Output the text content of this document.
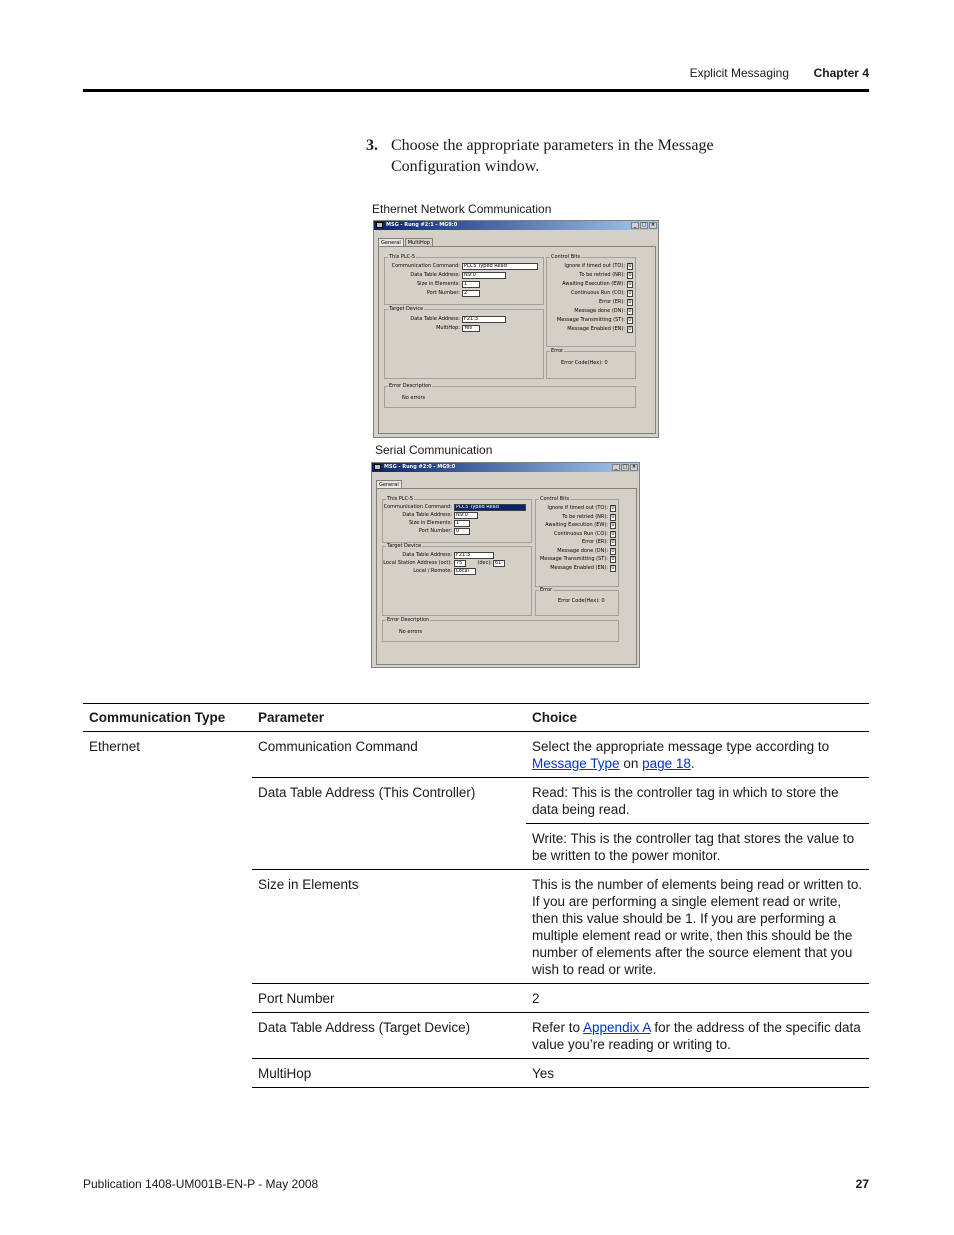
Explicit Messaging Chapter 4
3. Choose the appropriate parameters in the Message Configuration window.
Ethernet Network Communication
MSG - Rung #2:1 - MG9:0	_	□ ×
General	MultiHop
This PLC-5
Communication Command: PLC5 Typed Read
Data Table Address: N9:0
Size in Elements: 1
Port Number: 2
Target Device
Data Table Address: F21:3
MultiHop: Yes
Control Bits
Ignore if timed out (TO): 0
To be retried (NR): 0
Awaiting Execution (EW): 0
Continuous Run (CO): 0
Error (ER): 0
Message done (DN): 0
Message Transmitting (ST): 0
Message Enabled (EN): 0
Error
Error Code(Hex): 0
Error Description
No errors
Serial Communication
MSG - Rung #2:0 - MG9:0	_	□ ×
General
This PLC-5
Communication Command: PLC5 Typed Read
Data Table Address: N9:0
Size in Elements: 1
Port Number: 0
Target Device
Data Table Address: F21:3
Local Station Address (oct): 75	(dec): 61
Local / Remote: Local
Control Bits
Ignore if timed out (TO): 0
To be retried (NR): 0
Awaiting Execution (EW): 0
Continuous Run (CO): 0
Error (ER): 0
Message done (DN): 0
Message Transmitting (ST): 0
Message Enabled (EN): 0
Error
Error Code(Hex): 0
Error Description
No errors
Communication Type	Parameter	Choice
Ethernet	Communication Command	Select the appropriate message type according to Message Type on page 18.
	Data Table Address (This Controller)	Read: This is the controller tag in which to store the data being read.
		Write: This is the controller tag that stores the value to be written to the power monitor.
	Size in Elements	This is the number of elements being read or written to. If you are performing a single element read or write, then this value should be 1. If you are performing a multiple element read or write, then this should be the number of elements after the source element that you wish to read or write.
	Port Number	2
	Data Table Address (Target Device)	Refer to Appendix A for the address of the specific data value you’re reading or writing to.
	MultiHop	Yes
Publication 1408-UM001B-EN-P - May 2008	27
